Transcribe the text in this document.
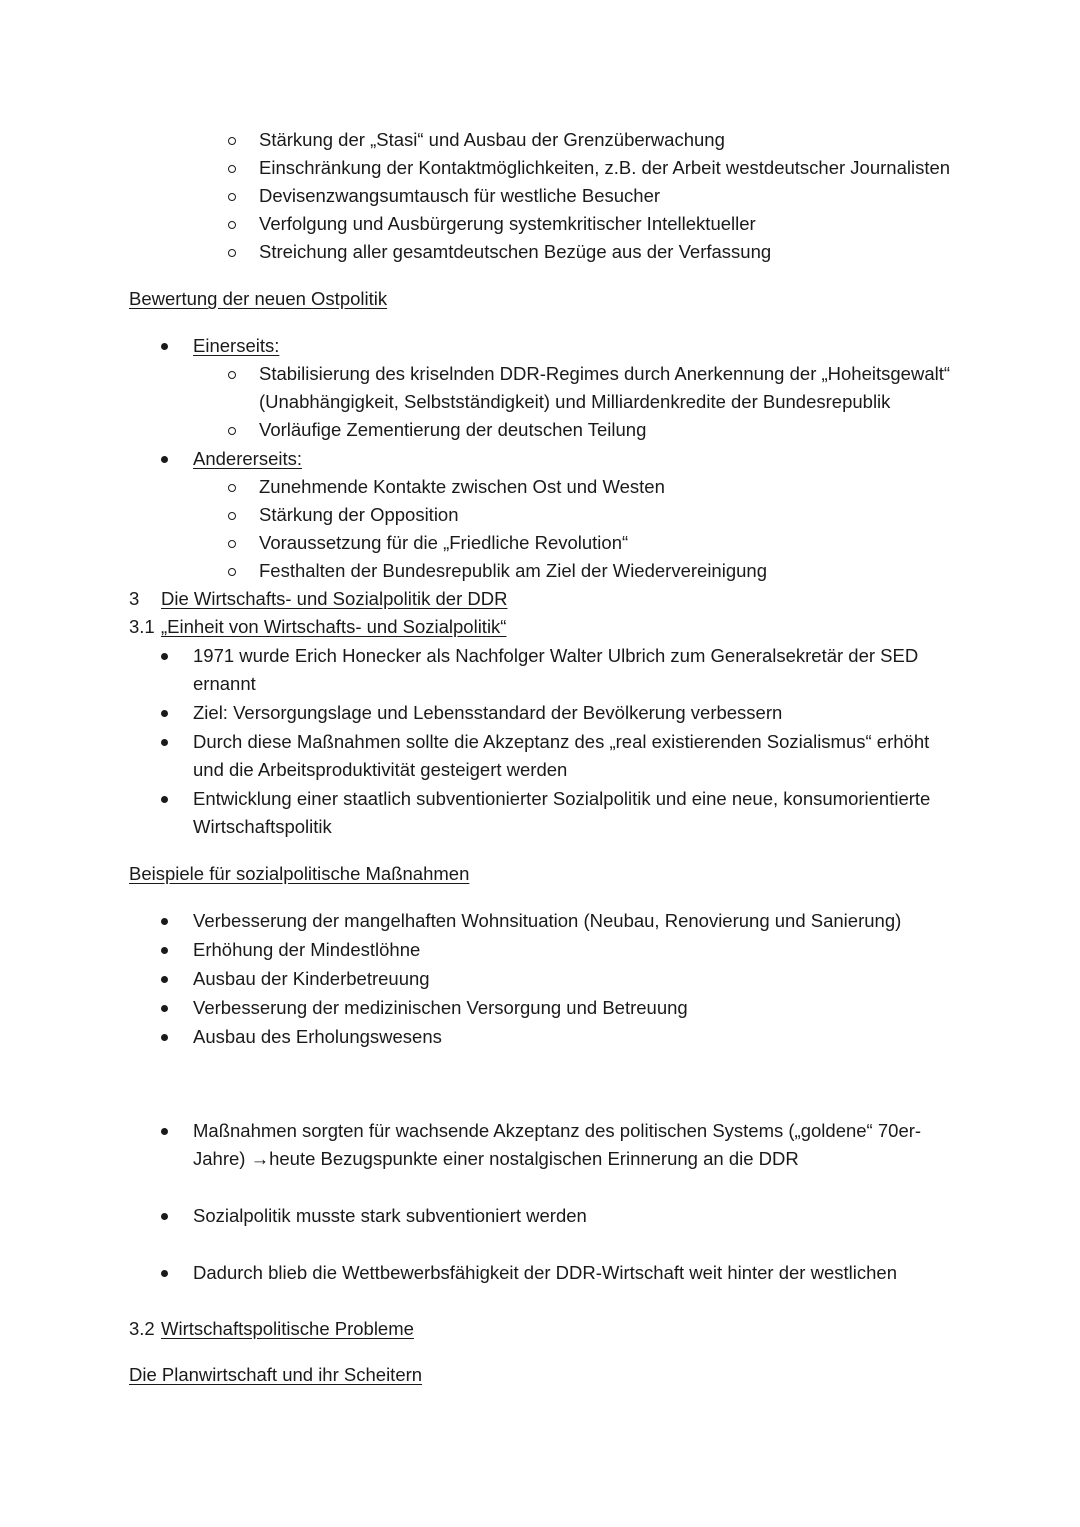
Stärkung der „Stasi“ und Ausbau der Grenzüberwachung
Einschränkung der Kontaktmöglichkeiten, z.B. der Arbeit westdeutscher Journalisten
Devisenzwangsumtausch für westliche Besucher
Verfolgung und Ausbürgerung systemkritischer Intellektueller
Streichung aller gesamtdeutschen Bezüge aus der Verfassung
Bewertung der neuen Ostpolitik
Einerseits:
Stabilisierung des kriselnden DDR-Regimes durch Anerkennung der „Hoheitsgewalt“
(Unabhängigkeit, Selbstständigkeit) und Milliardenkredite der Bundesrepublik
Vorläufige Zementierung der deutschen Teilung
Andererseits:
Zunehmende Kontakte zwischen Ost und Westen
Stärkung der Opposition
Voraussetzung für die „Friedliche Revolution“
Festhalten der Bundesrepublik am Ziel der Wiedervereinigung
3 Die Wirtschafts- und Sozialpolitik der DDR
3.1 „Einheit von Wirtschafts- und Sozialpolitik“
1971 wurde Erich Honecker als Nachfolger Walter Ulbrich zum Generalsekretär der SED
ernannt
Ziel: Versorgungslage und Lebensstandard der Bevölkerung verbessern
Durch diese Maßnahmen sollte die Akzeptanz des „real existierenden Sozialismus“ erhöht
und die Arbeitsproduktivität gesteigert werden
Entwicklung einer staatlich subventionierter Sozialpolitik und eine neue, konsumorientierte
Wirtschaftspolitik
Beispiele für sozialpolitische Maßnahmen
Verbesserung der mangelhaften Wohnsituation (Neubau, Renovierung und Sanierung)
Erhöhung der Mindestlöhne
Ausbau der Kinderbetreuung
Verbesserung der medizinischen Versorgung und Betreuung
Ausbau des Erholungswesens
Maßnahmen sorgten für wachsende Akzeptanz des politischen Systems („goldene“ 70er-
Jahre) →heute Bezugspunkte einer nostalgischen Erinnerung an die DDR
Sozialpolitik musste stark subventioniert werden
Dadurch blieb die Wettbewerbsfähigkeit der DDR-Wirtschaft weit hinter der westlichen
3.2 Wirtschaftspolitische Probleme
Die Planwirtschaft und ihr Scheitern
